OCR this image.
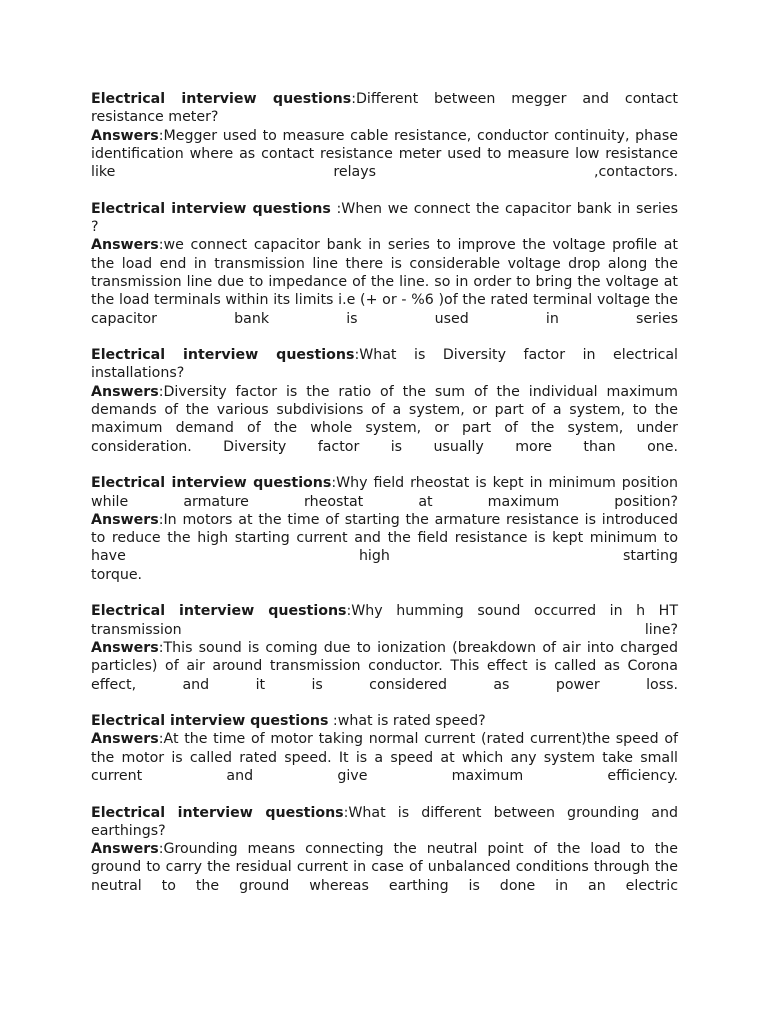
Electrical interview questions:Different between megger and contact resistance meter?

Answers:Megger used to measure cable resistance, conductor continuity, phase identification where as contact resistance meter used to measure low resistance like relays ,contactors.

Electrical interview questions :When we connect the capacitor bank in series ?

Answers:we connect capacitor bank in series to improve the voltage profile at the load end in transmission line there is considerable voltage drop along the transmission line due to impedance of the line. so in order to bring the voltage at the load terminals within its limits i.e (+ or - %6 )of the rated terminal voltage the capacitor bank is used in series

Electrical interview questions:What is Diversity factor in electrical installations?

Answers:Diversity factor is the ratio of the sum of the individual maximum demands of the various subdivisions of a system, or part of a system, to the maximum demand of the whole system, or part of the system, under consideration. Diversity factor is usually more than one.

Electrical interview questions:Why field rheostat is kept in minimum position while armature rheostat at maximum position?

Answers:In motors at the time of starting the armature resistance is introduced to reduce the high starting current and the field resistance is kept minimum to have high starting

torque.

Electrical interview questions:Why humming sound occurred in h HT transmission line?

Answers:This sound is coming due to ionization (breakdown of air into charged particles) of air around transmission conductor. This effect is called as Corona effect, and it is considered as power loss.

Electrical interview questions :what is rated speed?

Answers:At the time of motor taking normal current (rated current)the speed of the motor is called rated speed. It is a speed at which any system take small current and give maximum efficiency.

Electrical interview questions:What is different between grounding and earthings?

Answers:Grounding means connecting the neutral point of the load to the ground to carry the residual current in case of unbalanced conditions through the neutral to the ground whereas earthing is done in an electric
